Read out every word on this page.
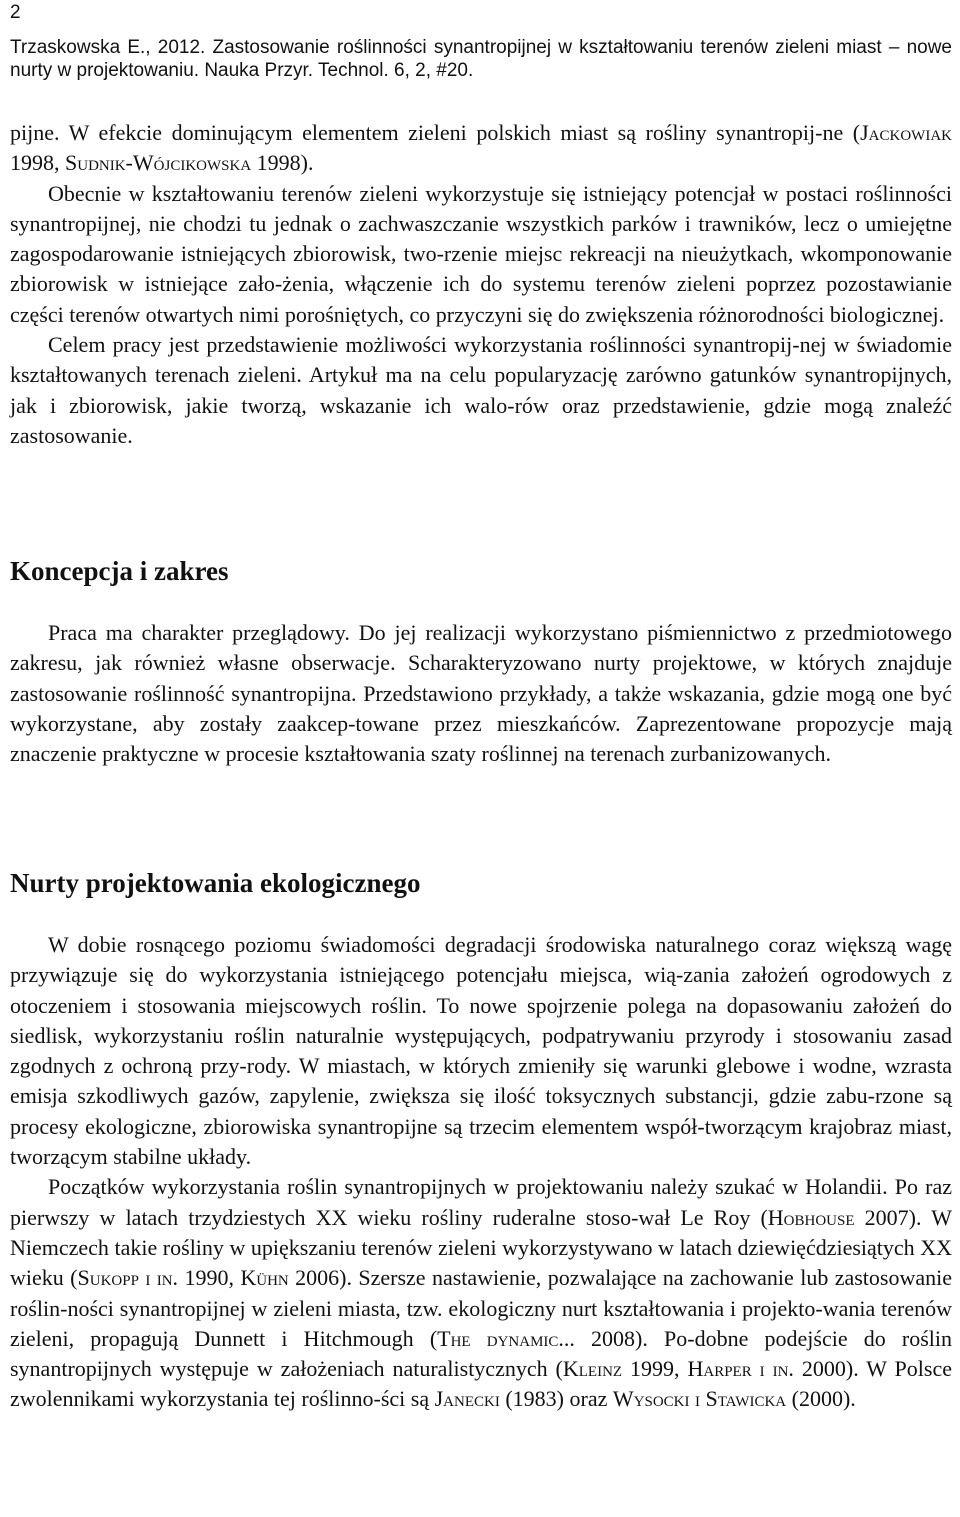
2
Trzaskowska E., 2012. Zastosowanie roślinności synantropijnej w kształtowaniu terenów zieleni miast – nowe nurty w projektowaniu. Nauka Przyr. Technol. 6, 2, #20.

pijne. W efekcie dominującym elementem zieleni polskich miast są rośliny synantropij-ne (Jackowiak 1998, Sudnik-Wójcikowska 1998).

Obecnie w kształtowaniu terenów zieleni wykorzystuje się istniejący potencjał w postaci roślinności synantropijnej, nie chodzi tu jednak o zachwaszczanie wszystkich parków i trawników, lecz o umiejętne zagospodarowanie istniejących zbiorowisk, two-rzenie miejsc rekreacji na nieużytkach, wkomponowanie zbiorowisk w istniejące zało-żenia, włączenie ich do systemu terenów zieleni poprzez pozostawianie części terenów otwartych nimi porośniętych, co przyczyni się do zwiększenia różnorodności biologicznej.

Celem pracy jest przedstawienie możliwości wykorzystania roślinności synantropij-nej w świadomie kształtowanych terenach zieleni. Artykuł ma na celu popularyzację zarówno gatunków synantropijnych, jak i zbiorowisk, jakie tworzą, wskazanie ich walo-rów oraz przedstawienie, gdzie mogą znaleźć zastosowanie.

Koncepcja i zakres

Praca ma charakter przeglądowy. Do jej realizacji wykorzystano piśmiennictwo z przedmiotowego zakresu, jak również własne obserwacje. Scharakteryzowano nurty projektowe, w których znajduje zastosowanie roślinność synantropijna. Przedstawiono przykłady, a także wskazania, gdzie mogą one być wykorzystane, aby zostały zaakcep-towane przez mieszkańców. Zaprezentowane propozycje mają znaczenie praktyczne w procesie kształtowania szaty roślinnej na terenach zurbanizowanych.

Nurty projektowania ekologicznego

W dobie rosnącego poziomu świadomości degradacji środowiska naturalnego coraz większą wagę przywiązuje się do wykorzystania istniejącego potencjału miejsca, wią-zania założeń ogrodowych z otoczeniem i stosowania miejscowych roślin. To nowe spojrzenie polega na dopasowaniu założeń do siedlisk, wykorzystaniu roślin naturalnie występujących, podpatrywaniu przyrody i stosowaniu zasad zgodnych z ochroną przy-rody. W miastach, w których zmieniły się warunki glebowe i wodne, wzrasta emisja szkodliwych gazów, zapylenie, zwiększa się ilość toksycznych substancji, gdzie zabu-rzone są procesy ekologiczne, zbiorowiska synantropijne są trzecim elementem współ-tworzącym krajobraz miast, tworzącym stabilne układy.

Początków wykorzystania roślin synantropijnych w projektowaniu należy szukać w Holandii. Po raz pierwszy w latach trzydziestych XX wieku rośliny ruderalne stoso-wał Le Roy (Hobhouse 2007). W Niemczech takie rośliny w upiększaniu terenów zieleni wykorzystywano w latach dziewięćdziesiątych XX wieku (Sukopp i in. 1990, Kühn 2006). Szersze nastawienie, pozwalające na zachowanie lub zastosowanie roślin-ności synantropijnej w zieleni miasta, tzw. ekologiczny nurt kształtowania i projekto-wania terenów zieleni, propagują Dunnett i Hitchmough (The dynamic... 2008). Po-dobne podejście do roślin synantropijnych występuje w założeniach naturalistycznych (Kleinz 1999, Harper i in. 2000). W Polsce zwolennikami wykorzystania tej roślinno-ści są Janecki (1983) oraz Wysocki i Stawicka (2000).
